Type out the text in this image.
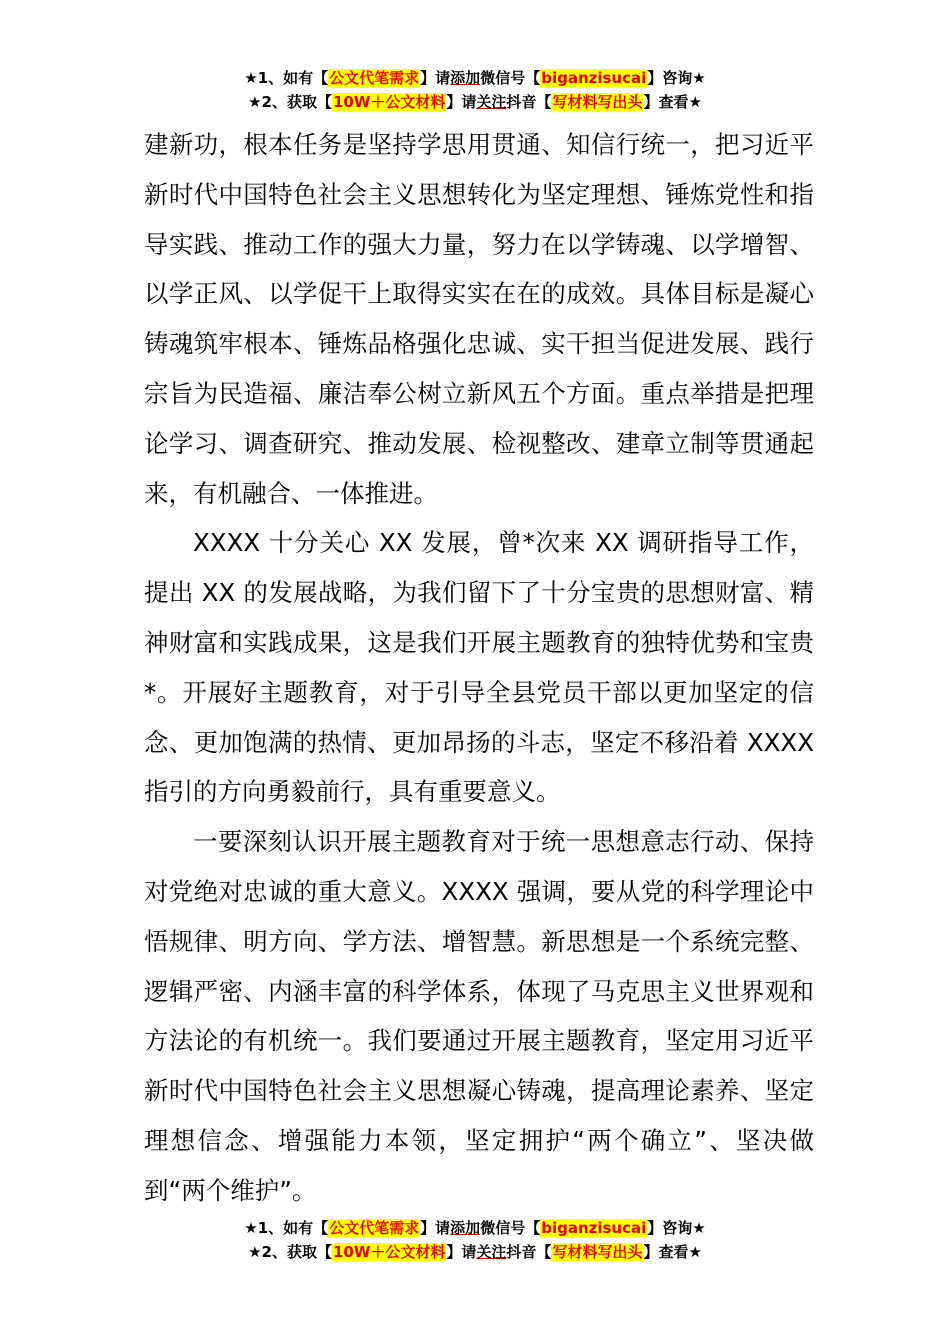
★1、如有【公文代笔需求】请添加微信号【biganzisucai】咨询★
★2、获取【10W＋公文材料】请关注抖音【写材料写出头】查看★

建新功，根本任务是坚持学思用贯通、知信行统一，把习近平新时代中国特色社会主义思想转化为坚定理想、锤炼党性和指导实践、推动工作的强大力量，努力在以学铸魂、以学增智、以学正风、以学促干上取得实实在在的成效。具体目标是凝心铸魂筑牢根本、锤炼品格强化忠诚、实干担当促进发展、践行宗旨为民造福、廉洁奉公树立新风五个方面。重点举措是把理论学习、调查研究、推动发展、检视整改、建章立制等贯通起来，有机融合、一体推进。

XXXX 十分关心 XX 发展，曾*次来 XX 调研指导工作，提出 XX 的发展战略，为我们留下了十分宝贵的思想财富、精神财富和实践成果，这是我们开展主题教育的独特优势和宝贵*。开展好主题教育，对于引导全县党员干部以更加坚定的信念、更加饱满的热情、更加昂扬的斗志，坚定不移沿着 XXXX 指引的方向勇毅前行，具有重要意义。

一要深刻认识开展主题教育对于统一思想意志行动、保持对党绝对忠诚的重大意义。XXXX 强调，要从党的科学理论中悟规律、明方向、学方法、增智慧。新思想是一个系统完整、逻辑严密、内涵丰富的科学体系，体现了马克思主义世界观和方法论的有机统一。我们要通过开展主题教育，坚定用习近平新时代中国特色社会主义思想凝心铸魂，提高理论素养、坚定理想信念、增强能力本领，坚定拥护“两个确立”、坚决做到“两个维护”。

★1、如有【公文代笔需求】请添加微信号【biganzisucai】咨询★
★2、获取【10W＋公文材料】请关注抖音【写材料写出头】查看★
